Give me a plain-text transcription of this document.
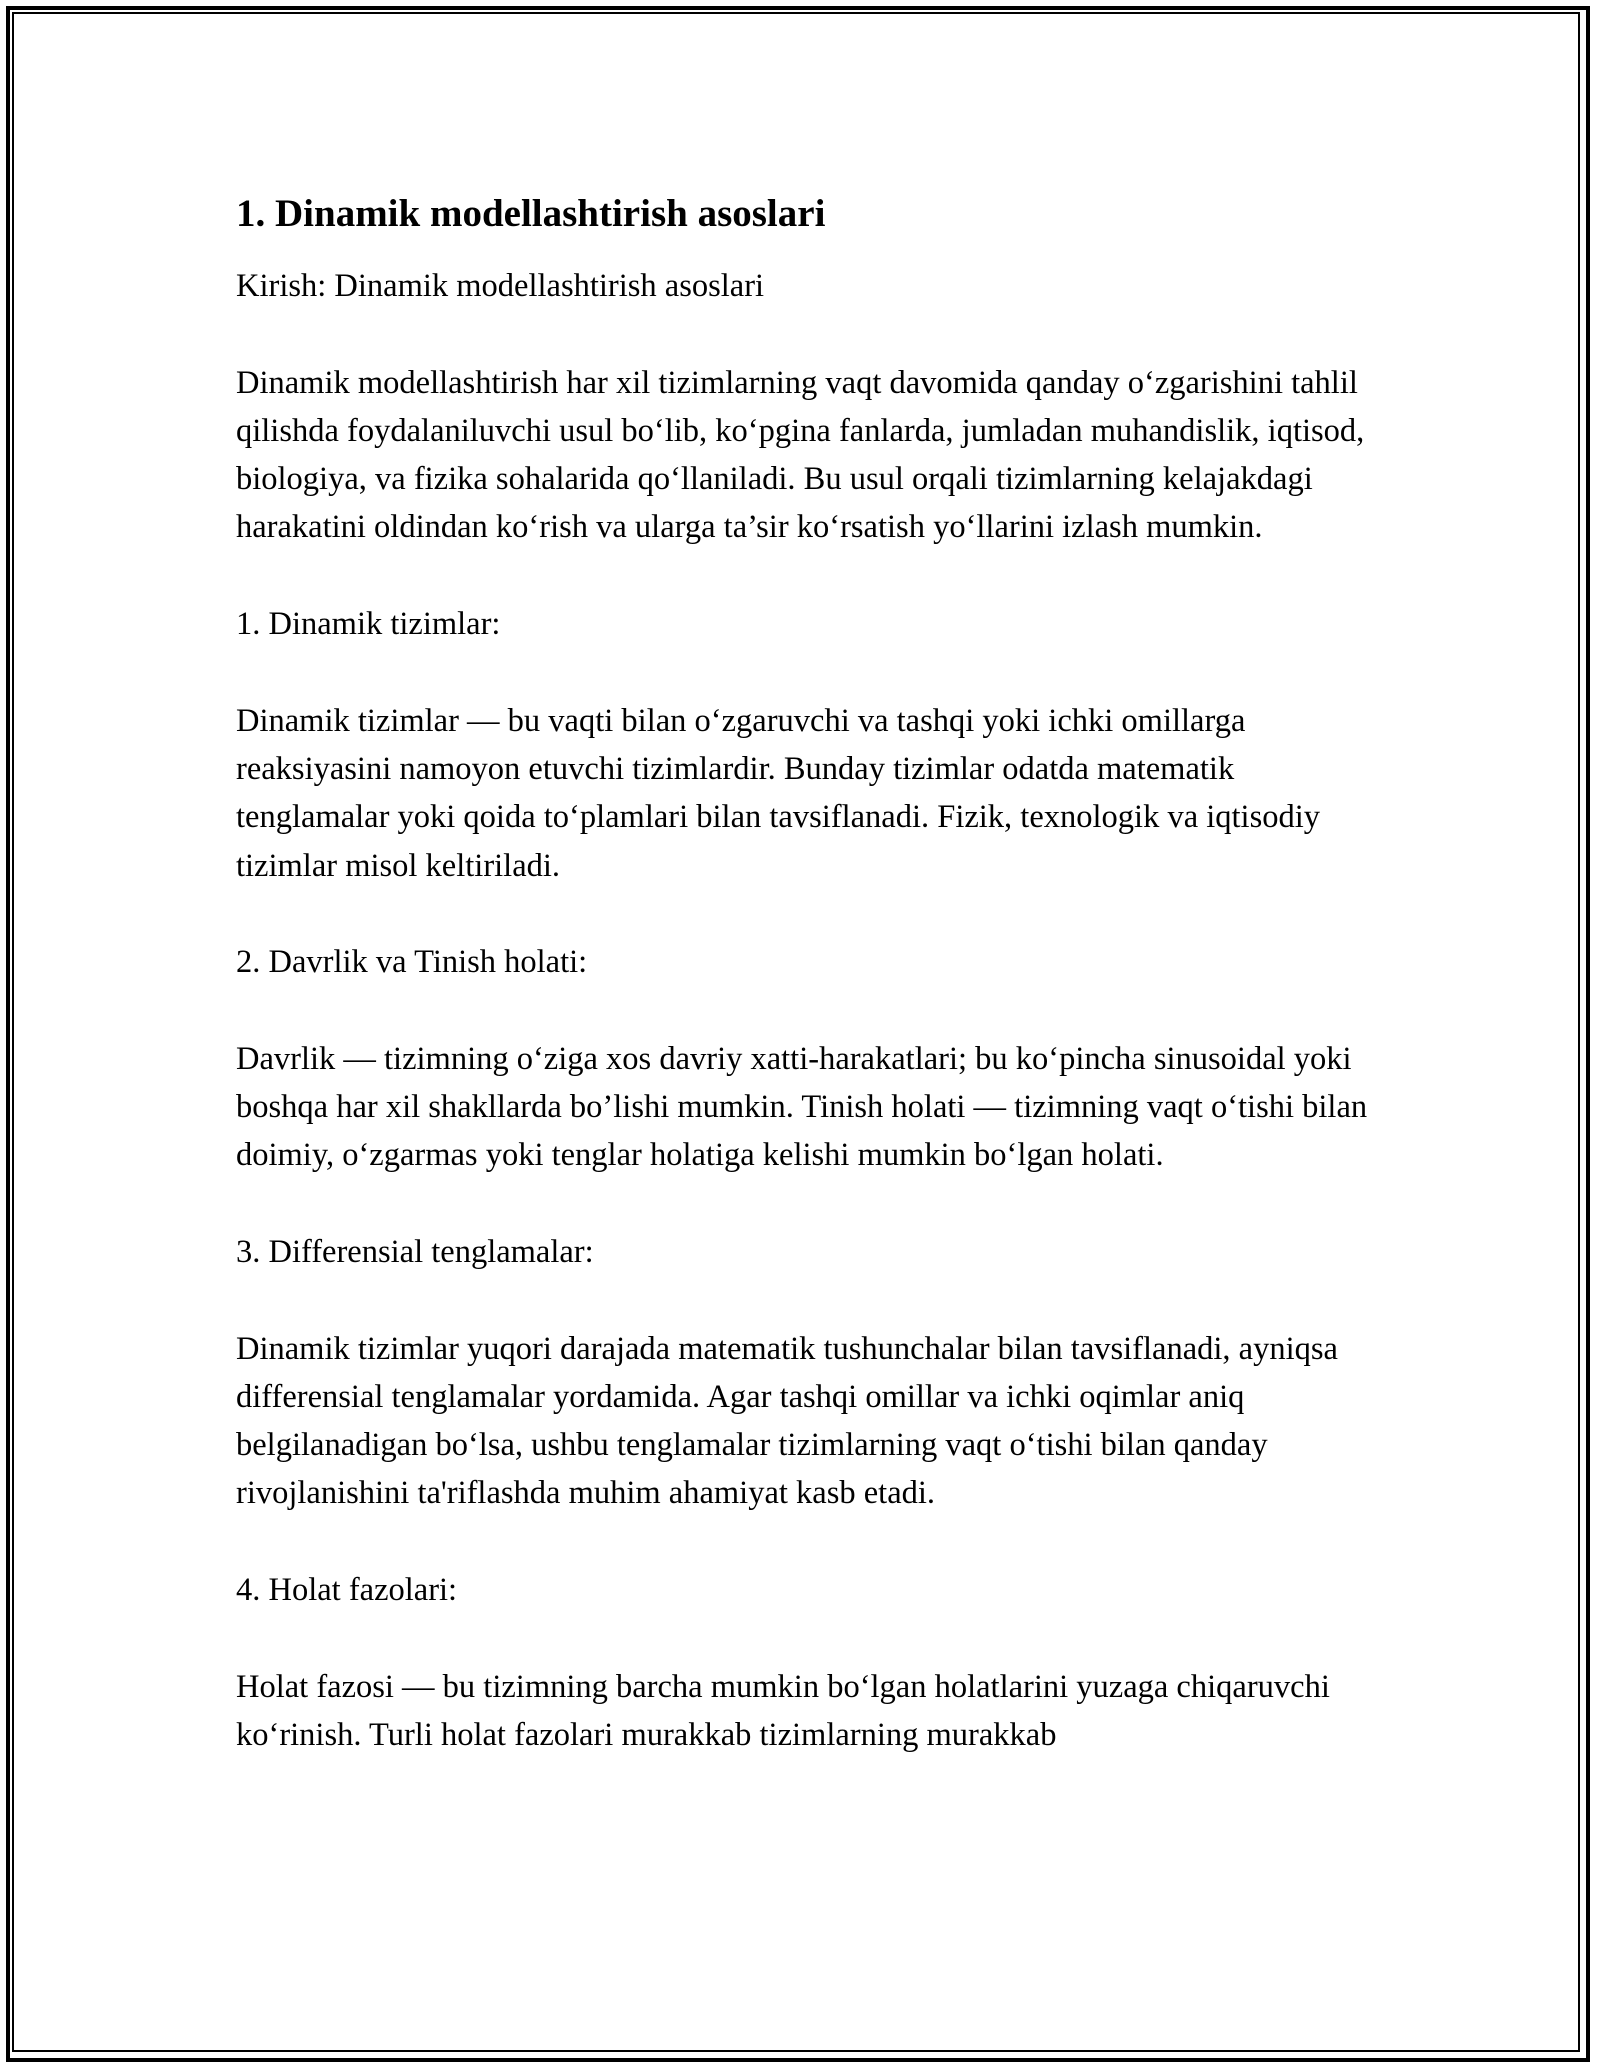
1. Dinamik modellashtirish asoslari

Kirish: Dinamik modellashtirish asoslari

Dinamik modellashtirish har xil tizimlarning vaqt davomida qanday o‘zgarishini tahlil qilishda foydalaniluvchi usul bo‘lib, ko‘pgina fanlarda, jumladan muhandislik, iqtisod, biologiya, va fizika sohalarida qo‘llaniladi. Bu usul orqali tizimlarning kelajakdagi harakatini oldindan ko‘rish va ularga ta’sir ko‘rsatish yo‘llarini izlash mumkin.

1. Dinamik tizimlar:

Dinamik tizimlar — bu vaqti bilan o‘zgaruvchi va tashqi yoki ichki omillarga reaksiyasini namoyon etuvchi tizimlardir. Bunday tizimlar odatda matematik tenglamalar yoki qoida to‘plamlari bilan tavsiflanadi. Fizik, texnologik va iqtisodiy tizimlar misol keltiriladi.

2. Davrlik va Tinish holati:

Davrlik — tizimning o‘ziga xos davriy xatti-harakatlari; bu ko‘pincha sinusoidal yoki boshqa har xil shakllarda bo’lishi mumkin. Tinish holati — tizimning vaqt o‘tishi bilan doimiy, o‘zgarmas yoki tenglar holatiga kelishi mumkin bo‘lgan holati.

3. Differensial tenglamalar:

Dinamik tizimlar yuqori darajada matematik tushunchalar bilan tavsiflanadi, ayniqsa differensial tenglamalar yordamida. Agar tashqi omillar va ichki oqimlar aniq belgilanadigan bo‘lsa, ushbu tenglamalar tizimlarning vaqt o‘tishi bilan qanday rivojlanishini ta'riflashda muhim ahamiyat kasb etadi.

4. Holat fazolari:

Holat fazosi — bu tizimning barcha mumkin bo‘lgan holatlarini yuzaga chiqaruvchi ko‘rinish. Turli holat fazolari murakkab tizimlarning murakkab
